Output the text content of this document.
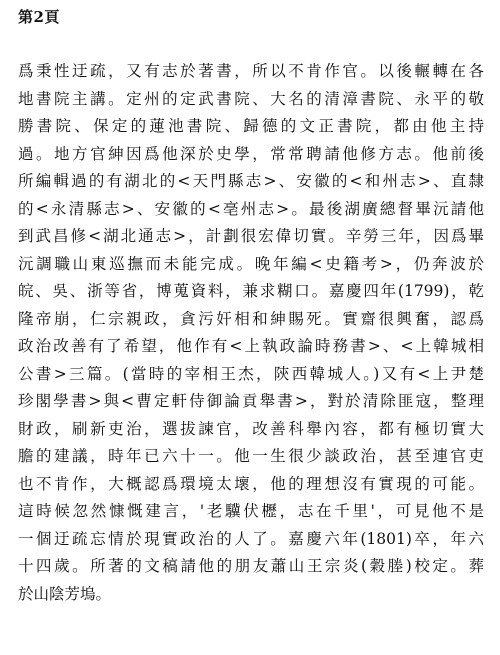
第2頁
爲秉性迂疏，又有志於著書，所以不肯作官。以後輾轉在各
地書院主講。定州的定武書院、大名的清漳書院、永平的敬
勝書院、保定的蓮池書院、歸德的文正書院，都由他主持
過。地方官紳因爲他深於史學，常常聘請他修方志。他前後
所編輯過的有湖北的<天門縣志>、安徽的<和州志>、直隸
的<永清縣志>、安徽的<亳州志>。最後湖廣總督畢沅請他
到武昌修<湖北通志>，計劃很宏偉切實。辛勞三年，因爲畢
沅調職山東巡撫而未能完成。晚年編<史籍考>，仍奔波於
皖、吳、浙等省，博蒐資料，兼求糊口。嘉慶四年(1799)，乾
隆帝崩，仁宗親政，貪污奸相和紳賜死。實齋很興奮，認爲
政治改善有了希望，他作有<上執政論時務書>、<上韓城相
公書>三篇。(當時的宰相王杰，陝西韓城人。)又有<上尹楚
珍閣學書>與<曹定軒侍御論貢舉書>，對於清除匪寇，整理
財政，刷新吏治，選拔諫官，改善科舉內容，都有極切實大
膽的建議，時年已六十一。他一生很少談政治，甚至連官吏
也不肯作，大概認爲環境太壞，他的理想沒有實現的可能。
這時候忽然慷慨建言，'老驥伏櫪，志在千里'，可見他不是
一個迂疏忘情於現實政治的人了。嘉慶六年(1801)卒，年六
十四歲。所著的文稿請他的朋友蕭山王宗炎(穀塍)校定。葬
於山陰芳塢。
